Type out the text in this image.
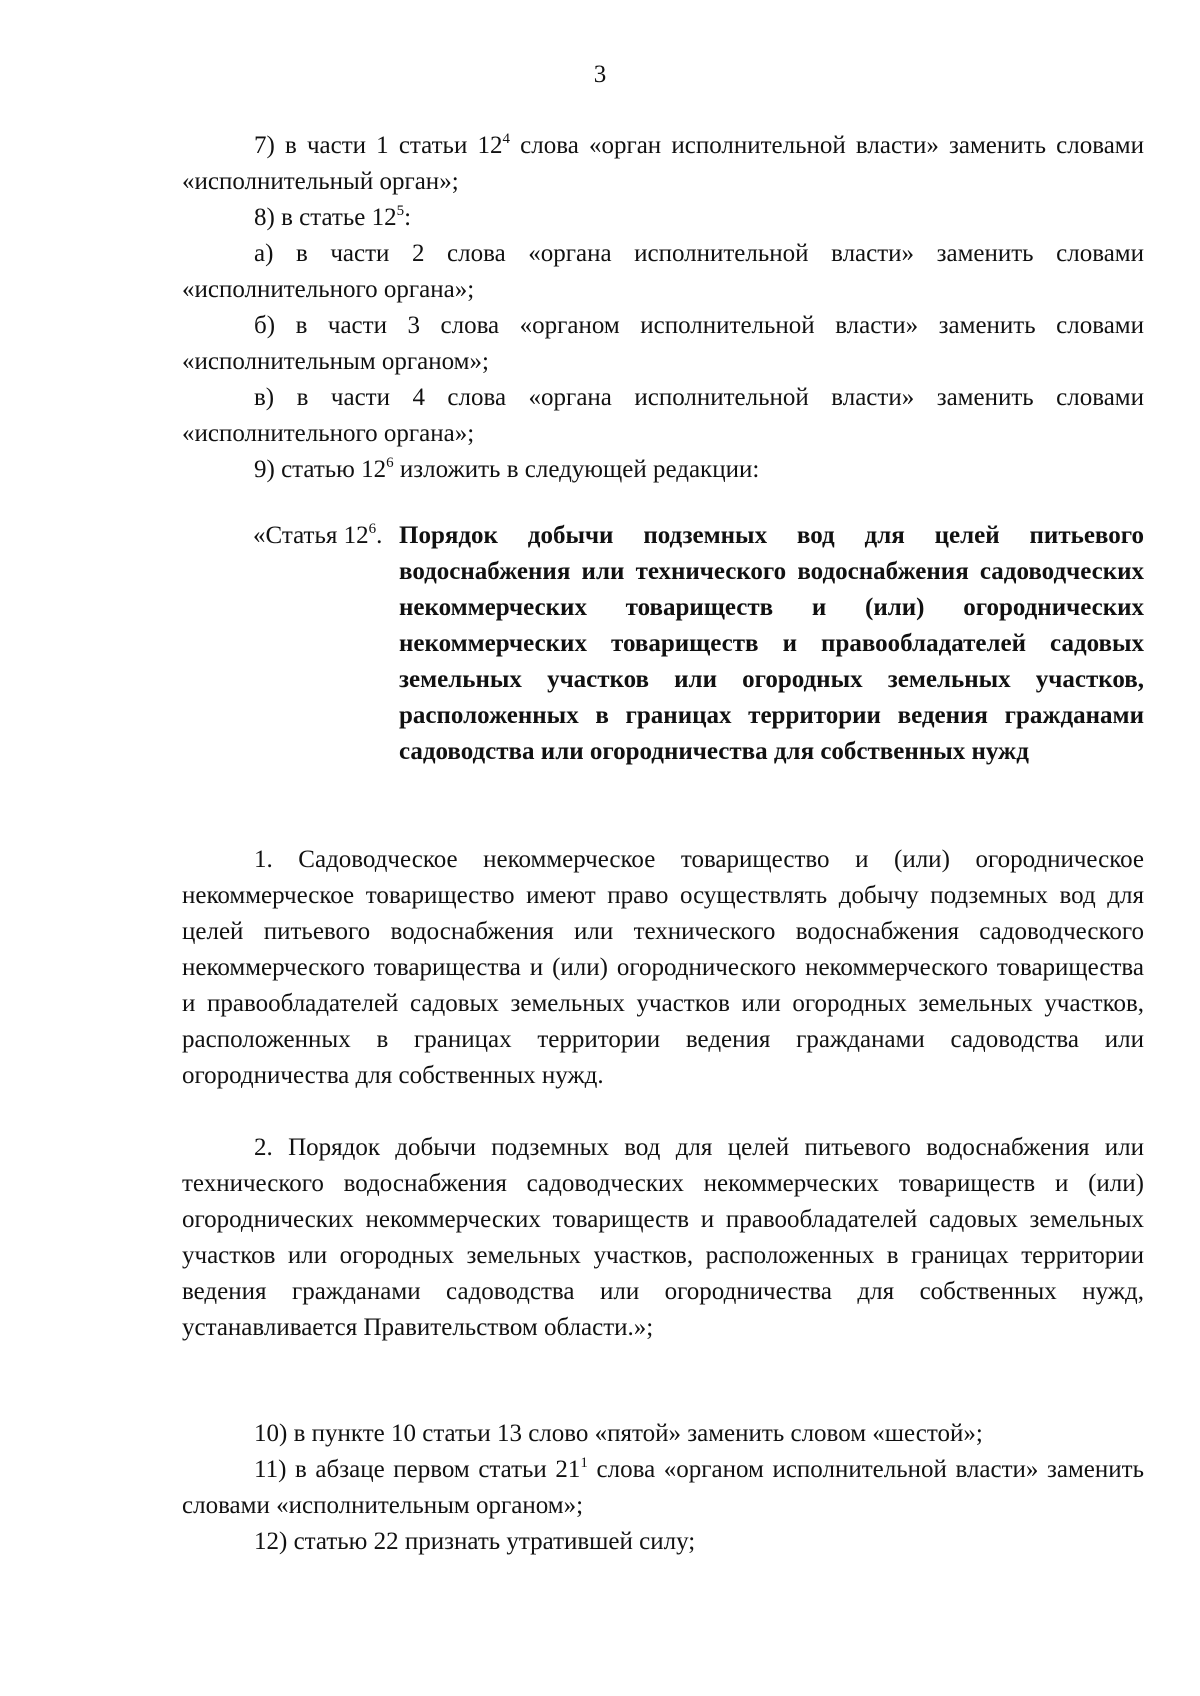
3

7) в части 1 статьи $12^4$ слова «орган исполнительной власти» заменить словами «исполнительный орган»;

8) в статье $12^5$:

а) в части 2 слова «органа исполнительной власти» заменить словами «исполнительного органа»;

б) в части 3 слова «органом исполнительной власти» заменить словами «исполнительным органом»;

в) в части 4 слова «органа исполнительной власти» заменить словами «исполнительного органа»;

9) статью $12^6$ изложить в следующей редакции:

«Статья $12^6$. Порядок добычи подземных вод для целей питьевого водоснабжения или технического водоснабжения садоводческих некоммерческих товариществ и (или) огороднических некоммерческих товариществ и правообладателей садовых земельных участков или огородных земельных участков, расположенных в границах территории ведения гражданами садоводства или огородничества для собственных нужд

1. Садоводческое некоммерческое товарищество и (или) огородническое некоммерческое товарищество имеют право осуществлять добычу подземных вод для целей питьевого водоснабжения или технического водоснабжения садоводческого некоммерческого товарищества и (или) огороднического некоммерческого товарищества и правообладателей садовых земельных участков или огородных земельных участков, расположенных в границах территории ведения гражданами садоводства или огородничества для собственных нужд.

2. Порядок добычи подземных вод для целей питьевого водоснабжения или технического водоснабжения садоводческих некоммерческих товариществ и (или) огороднических некоммерческих товариществ и правообладателей садовых земельных участков или огородных земельных участков, расположенных в границах территории ведения гражданами садоводства или огородничества для собственных нужд, устанавливается Правительством области.»;

10) в пункте 10 статьи 13 слово «пятой» заменить словом «шестой»;

11) в абзаце первом статьи $21^1$ слова «органом исполнительной власти» заменить словами «исполнительным органом»;

12) статью 22 признать утратившей силу;
